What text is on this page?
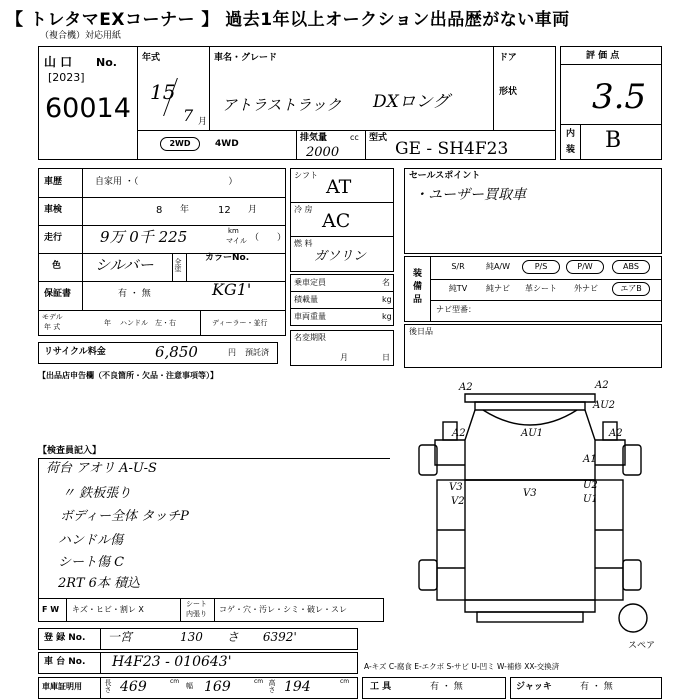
【 トレタマEXコーナー 】 過去1年以上オークション出品歴がない車両
（複合機）対応用紙
山 口 No.
[2023]
60014
年式
15
7 月
車名・グレード
アトラストラック DXロング
ドア
形状
2WD	4WD
排気量	cc
2000
型式
GE - SH4F23
評 価 点
3.5
内
装 B
車歴	自家用 ・（　　　　　　　　　　）
車検	8 年	12 月
走行	9万 0千 225	km
マイル （　　）
色 シルバー	全塗	カラーNo.
KG1'
保証書	有 ・ 無
モデル
年 式	年 ハンドル　左・右	ディーラー・並行
リサイクル料金	6,850	円 預託済
シフト
AT
冷 房
AC
燃 料
ガソリン
乗車定員	名
積載量	kg
車両重量	kg
名変期限
月	日
セールスポイント
・ユーザー買取車
装備品
S/R	純A/W	P/S	P/W	ABS
純TV	純ナビ	革シート	外ナビ	エアB
ナビ型番：
後日品
【出品店申告欄（不良箇所・欠品・注意事項等）】
【検査員記入】
荷台 アオリ A-U-S
〃 鉄板張り
ボディー全体 タッチP
ハンドル傷
シート傷 C
2RT 6本 積込
A2	A2
A2	AU1
AU2
A2
V3
V3	U2
V2	U1
A1
スペア
F W キズ・ヒビ・割レ X
シート
内張り コゲ・穴・汚レ・シミ・破レ・スレ
登 録 No. 一宮　　　　130　　さ　　6392'
車 台 No. H4F23 - 010643'	A-キズ C-腐食 E-エクボ S-サビ U-凹ミ W-補修 XX-交換済
車庫証明用	長さ 469	cm
幅 169	cm 高さ 194	cm
工 具	有 ・ 無	ジャッキ	有 ・ 無
